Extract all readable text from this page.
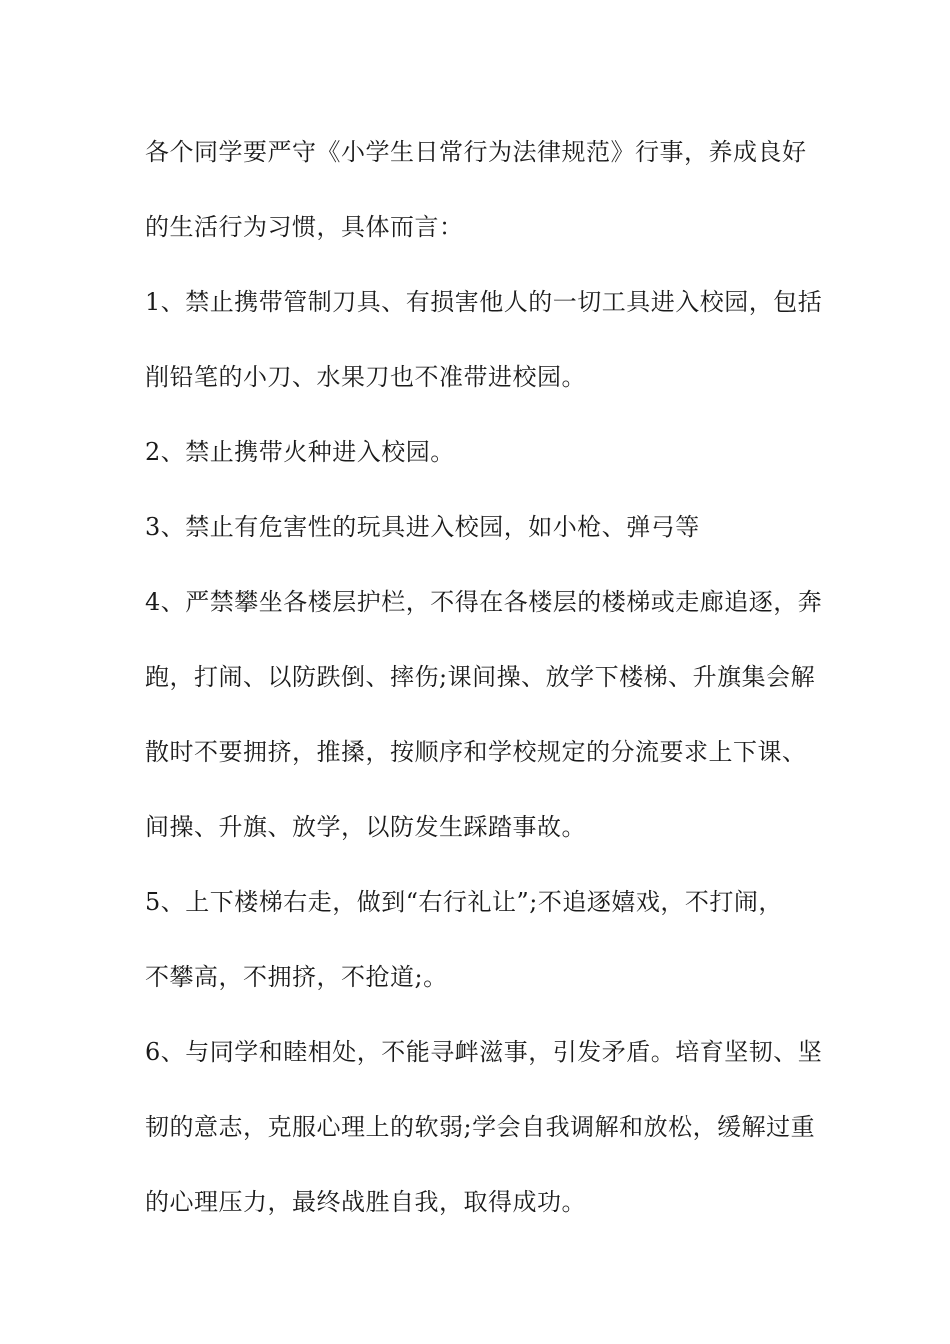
各个同学要严守《小学生日常行为法律规范》行事，养成良好
的生活行为习惯，具体而言：
1、禁止携带管制刀具、有损害他人的一切工具进入校园，包括
削铅笔的小刀、水果刀也不准带进校园。
2、禁止携带火种进入校园。
3、禁止有危害性的玩具进入校园，如小枪、弹弓等
4、严禁攀坐各楼层护栏，不得在各楼层的楼梯或走廊追逐，奔
跑，打闹、以防跌倒、摔伤;课间操、放学下楼梯、升旗集会解
散时不要拥挤，推搡，按顺序和学校规定的分流要求上下课、
间操、升旗、放学，以防发生踩踏事故。
5、上下楼梯右走，做到“右行礼让”;不追逐嬉戏，不打闹，
不攀高，不拥挤，不抢道;。
6、与同学和睦相处，不能寻衅滋事，引发矛盾。培育坚韧、坚
韧的意志，克服心理上的软弱;学会自我调解和放松，缓解过重
的心理压力，最终战胜自我，取得成功。
